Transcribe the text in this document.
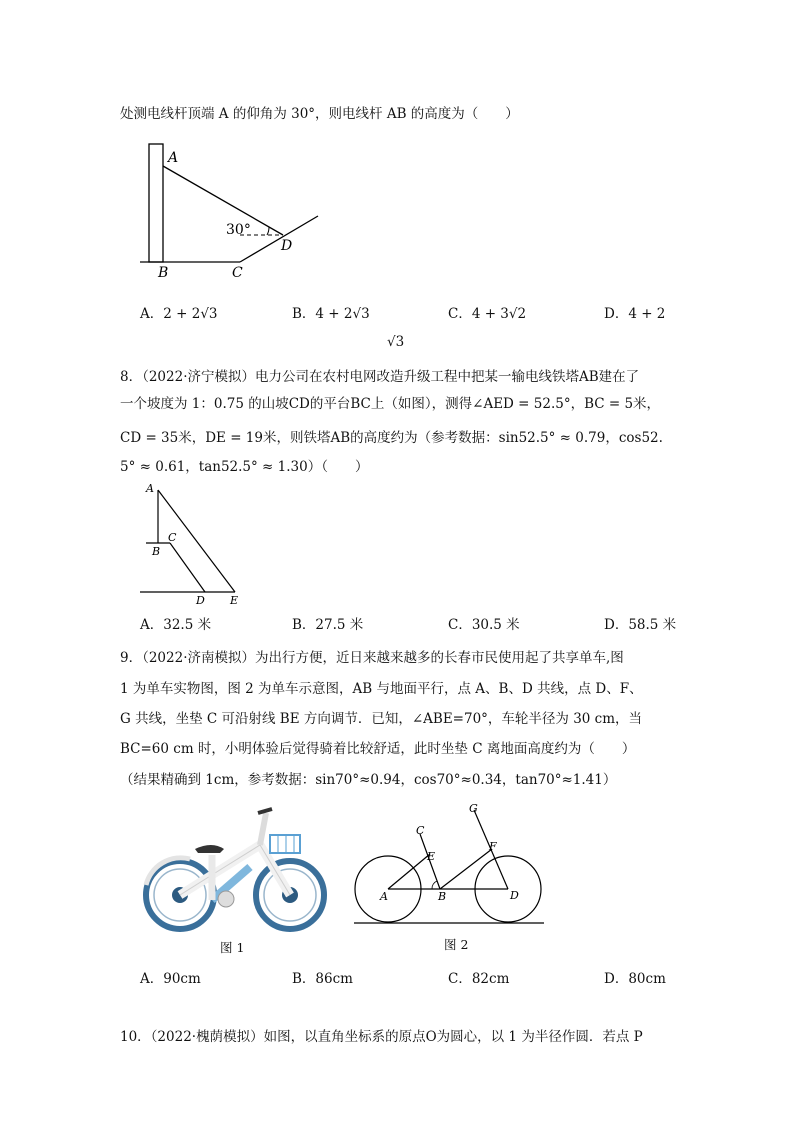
处测电线杆顶端 A 的仰角为 30°，则电线杆 AB 的高度为（　　）
A
B	C
D
30°
A．2 + 2√3	B．4 + 2√3	C．4 + 3√2	D．4 + 2
√3
8．（2022·济宁模拟）电力公司在农村电网改造升级工程中把某一输电线铁塔AB建在了
一个坡度为 1：0.75 的山坡CD的平台BC上（如图），测得∠AED = 52.5°，BC = 5米，
CD = 35米，DE = 19米，则铁塔AB的高度约为（参考数据：sin52.5° ≈ 0.79，cos52.
5° ≈ 0.61，tan52.5° ≈ 1.30）（　　）
A
B
C
D E
A．32.5 米	B．27.5 米	C．30.5 米	D．58.5 米
9．（2022·济南模拟）为出行方便，近日来越来越多的长春市民使用起了共享单车,图
1 为单车实物图，图 2 为单车示意图，AB 与地面平行，点 A、B、D 共线，点 D、F、
G 共线，坐垫 C 可沿射线 BE 方向调节．已知，∠ABE=70°，车轮半径为 30 cm，当
BC=60 cm 时，小明体验后觉得骑着比较舒适，此时坐垫 C 离地面高度约为（　　）
（结果精确到 1cm，参考数据：sin70°≈0.94，cos70°≈0.34，tan70°≈1.41）
图 1
A	B
C
D
E
F
G
图 2
A．90cm	B．86cm	C．82cm	D．80cm
10．（2022·槐荫模拟）如图，以直角坐标系的原点O为圆心，以 1 为半径作圆．若点 P
